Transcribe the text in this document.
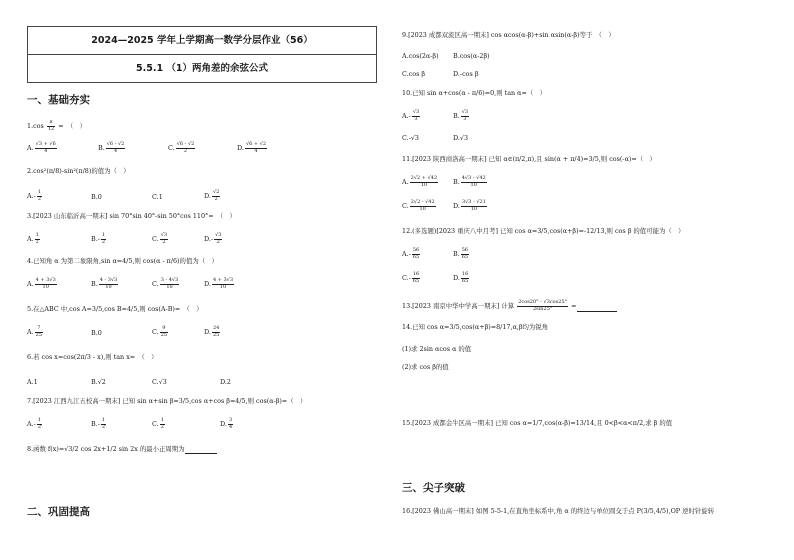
2024—2025 学年上学期高一数学分层作业（56）
5.5.1 （1）两角差的余弦公式
一、基础夯实
$1.\cos \frac{\pi}{12}$ =　（　）
A. $\frac{√3 + √6}{4}$	B. $\frac{√6 - √2}{4}$	C. $\frac{√6 - √2}{2}$	D. $\frac{√6 + √2}{4}$
2.cos²(π/8)-sin²(π/8)的值为（　）
$A.- \frac{1}{2}$	B.0	C.1	D. $\frac{√2}{2}$
3.[2023 山东临沂高一期末] sin 70°sin 40°-sin 50°cos 110°=　（　）
A. $\frac{1}{2}$	$B.- \frac{1}{2}$	C. $\frac{√3}{2}$	$D.- \frac{√3}{2}$
4.已知角 α 为第二象限角,sin α=4/5,则 cos(α - π/6)的值为（　）
A. $\frac{4 + 3√3}{10}$	B. $\frac{4 - 3√3}{10}$	C. $\frac{3 - 4√3}{10}$	D. $\frac{4 + 3√3}{10}$
5.在△ABC 中,cos A=3/5,cos B=4/5,则 cos(A-B)=　（　）
A. $\frac{7}{25}$	B.0	C. $\frac{9}{25}$	D. $\frac{24}{25}$
6.若 cos x=cos(2π/3 - x),则 tan x=　（　）
A.1	B.√2	C.√3	D.2
7.[2023 江西九江五校高一期末] 已知 sin α+sin β=3/5,cos α+cos β=4/5,则 cos(α-β)=（　）
$A.- \frac{1}{2}$	$B.- \frac{1}{2}$	C. $\frac{1}{2}$	D. $\frac{3}{4}$
8.函数 f(x)=√3/2 cos 2x+1/2 sin 2x 的最小正周期为
二、巩固提高
9.[2023 成都双流区高一期末] cos αcos(α-β)+sin αsin(α-β)等于　（　）
A.cos(2α-β) B.cos(α-2β)
C.cos β	D.-cos β
10.已知 sin α+cos(α - π/6)=0,则 tan α=（　）
$A.- \frac{√3}{3}$	B. $\frac{√3}{3}$
C.-√3	D.√3
11.[2023 陕西商洛高一期末] 已知 α∈(π/2,π),且 sin(α + π/4)=3/5,则 cos(-α)=（　）
A. $\frac{2√2 + √42}{10} B$. $\frac{4√3 - √42}{10}$
C. $\frac{2√2 - √42}{10}$	D. $\frac{3√3 - √21}{10}$
12.(多选题)[2023 重庆八中月考] 已知 cos α=3/5,cos(α+β)=-12/13,则 cos β 的值可能为（　）
$A.- \frac{56}{65}$	B. $\frac{56}{65}$
$C.- \frac{16}{65}$	D. $\frac{16}{65}$
13.[2023 南京中华中学高一期末] 计算 $\frac{2\cos 20^\circ - √3\cos 25^\circ}{2\sin 25^\circ}$ =
14.已知 cos α=3/5,cos(α+β)=8/17,α,β均为锐角
(1)求 2sin αcos α 的值
(2)求 cos β的值
15.[2023 成都金牛区高一期末] 已知 cos α=1/7,cos(α-β)=13/14,且 0<β<α<π/2,求 β 的值
三、尖子突破
16.[2023 佛山高一期末] 如图 5-5-1,在直角坐标系中,角 α 的终边与单位圆交于点 P(3/5,4/5),OP 逆时针旋转
